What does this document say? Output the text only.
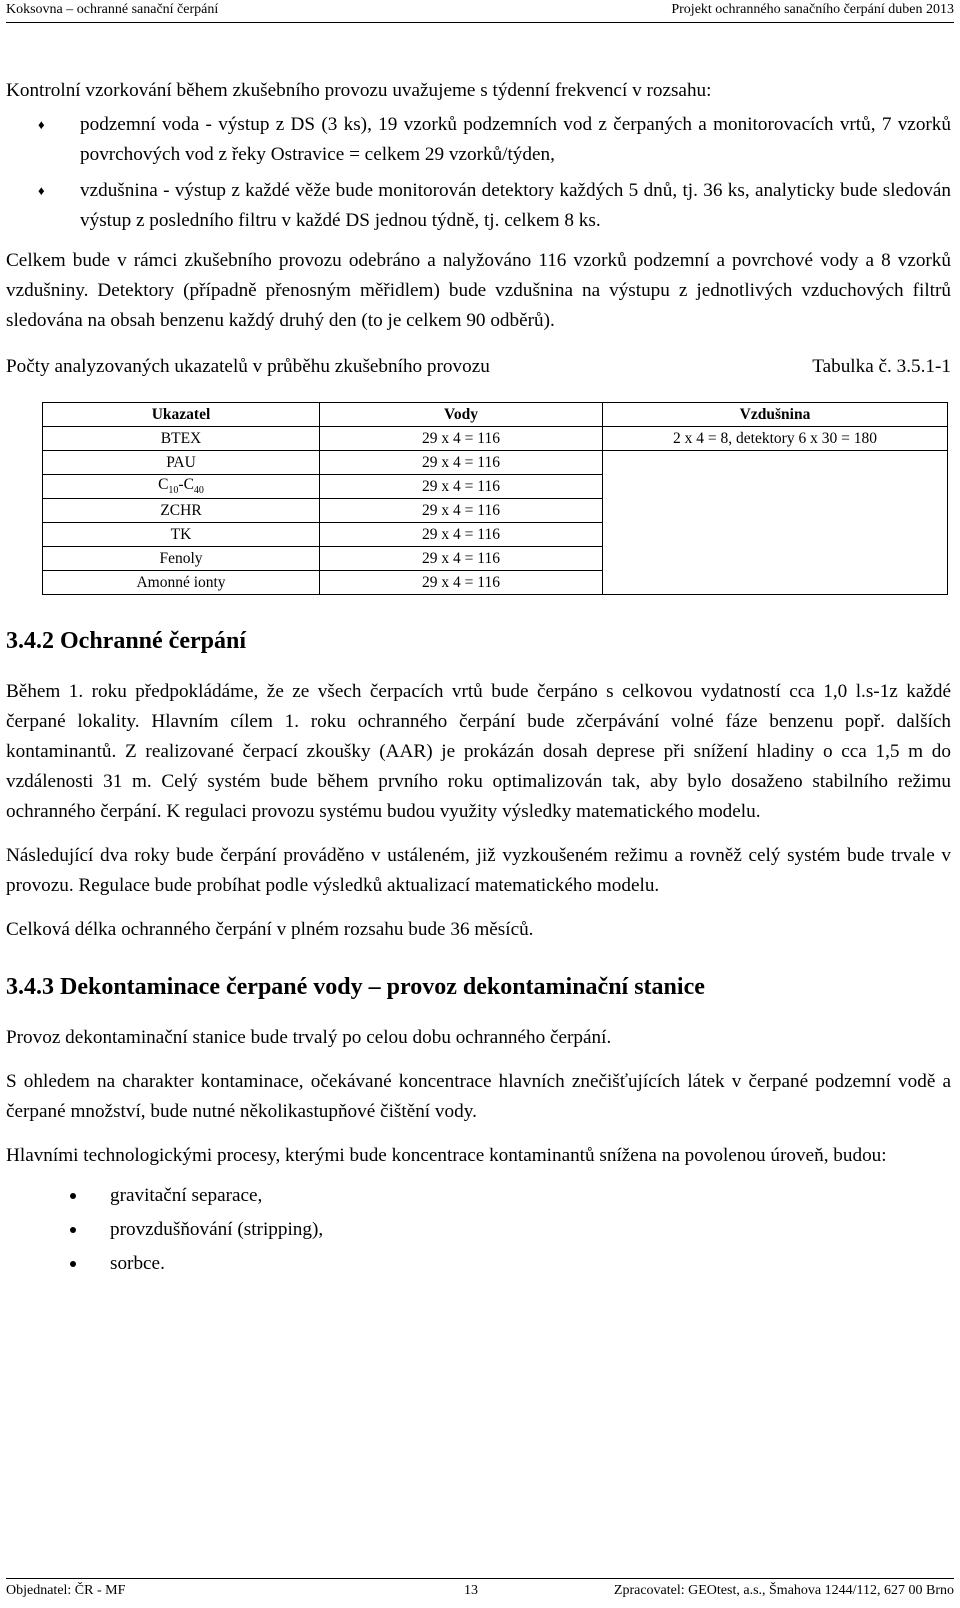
Koksovna – ochranné sanační čerpání	Projekt ochranného sanačního čerpání duben 2013

Kontrolní vzorkování během zkušebního provozu uvažujeme s týdenní frekvencí v rozsahu:

♦ podzemní voda - výstup z DS (3 ks), 19 vzorků podzemních vod z čerpaných a monitorovacích vrtů, 7 vzorků povrchových vod z řeky Ostravice = celkem 29 vzorků/týden,
♦ vzdušnina - výstup z každé věže bude monitorován detektory každých 5 dnů, tj. 36 ks, analyticky bude sledován výstup z posledního filtru v každé DS jednou týdně, tj. celkem 8 ks.

Celkem bude v rámci zkušebního provozu odebráno a nalyžováno 116 vzorků podzemní a povrchové vody a 8 vzorků vzdušniny. Detektory (případně přenosným měřidlem) bude vzdušnina na výstupu z jednotlivých vzduchových filtrů sledována na obsah benzenu každý druhý den (to je celkem 90 odběrů).

Počty analyzovaných ukazatelů v průběhu zkušebního provozu	Tabulka č. 3.5.1-1
Ukazatel	Vody	Vzdušnina
BTEX	29 x 4 = 116	2 x 4 = 8, detektory 6 x 30 = 180
PAU	29 x 4 = 116	
$C_{10}-C_{40}$	29 x 4 = 116	
ZCHR	29 x 4 = 116	
TK	29 x 4 = 116	
Fenoly	29 x 4 = 116	
Amonné ionty	29 x 4 = 116	
3.4.2 Ochranné čerpání

Během 1. roku předpokládáme, že ze všech čerpacích vrtů bude čerpáno s celkovou vydatností cca 1,0 l.s-1z každé čerpané lokality. Hlavním cílem 1. roku ochranného čerpání bude zčerpávání volné fáze benzenu popř. dalších kontaminantů. Z realizované čerpací zkoušky (AAR) je prokázán dosah deprese při snížení hladiny o cca 1,5 m do vzdálenosti 31 m. Celý systém bude během prvního roku optimalizován tak, aby bylo dosaženo stabilního režimu ochranného čerpání. K regulaci provozu systému budou využity výsledky matematického modelu.

Následující dva roky bude čerpání prováděno v ustáleném, již vyzkoušeném režimu a rovněž celý systém bude trvale v provozu. Regulace bude probíhat podle výsledků aktualizací matematického modelu.

Celková délka ochranného čerpání v plném rozsahu bude 36 měsíců.

3.4.3 Dekontaminace čerpané vody – provoz dekontaminační stanice

Provoz dekontaminační stanice bude trvalý po celou dobu ochranného čerpání.

S ohledem na charakter kontaminace, očekávané koncentrace hlavních znečišťujících látek v čerpané podzemní vodě a čerpané množství, bude nutné několikastupňové čištění vody.

Hlavními technologickými procesy, kterými bude koncentrace kontaminantů snížena na povolenou úroveň, budou:

gravitační separace,
provzdušňování (stripping),
sorbce.
Objednatel: ČR - MF	13	Zpracovatel: GEOtest, a.s., Šmahova 1244/112, 627 00 Brno
